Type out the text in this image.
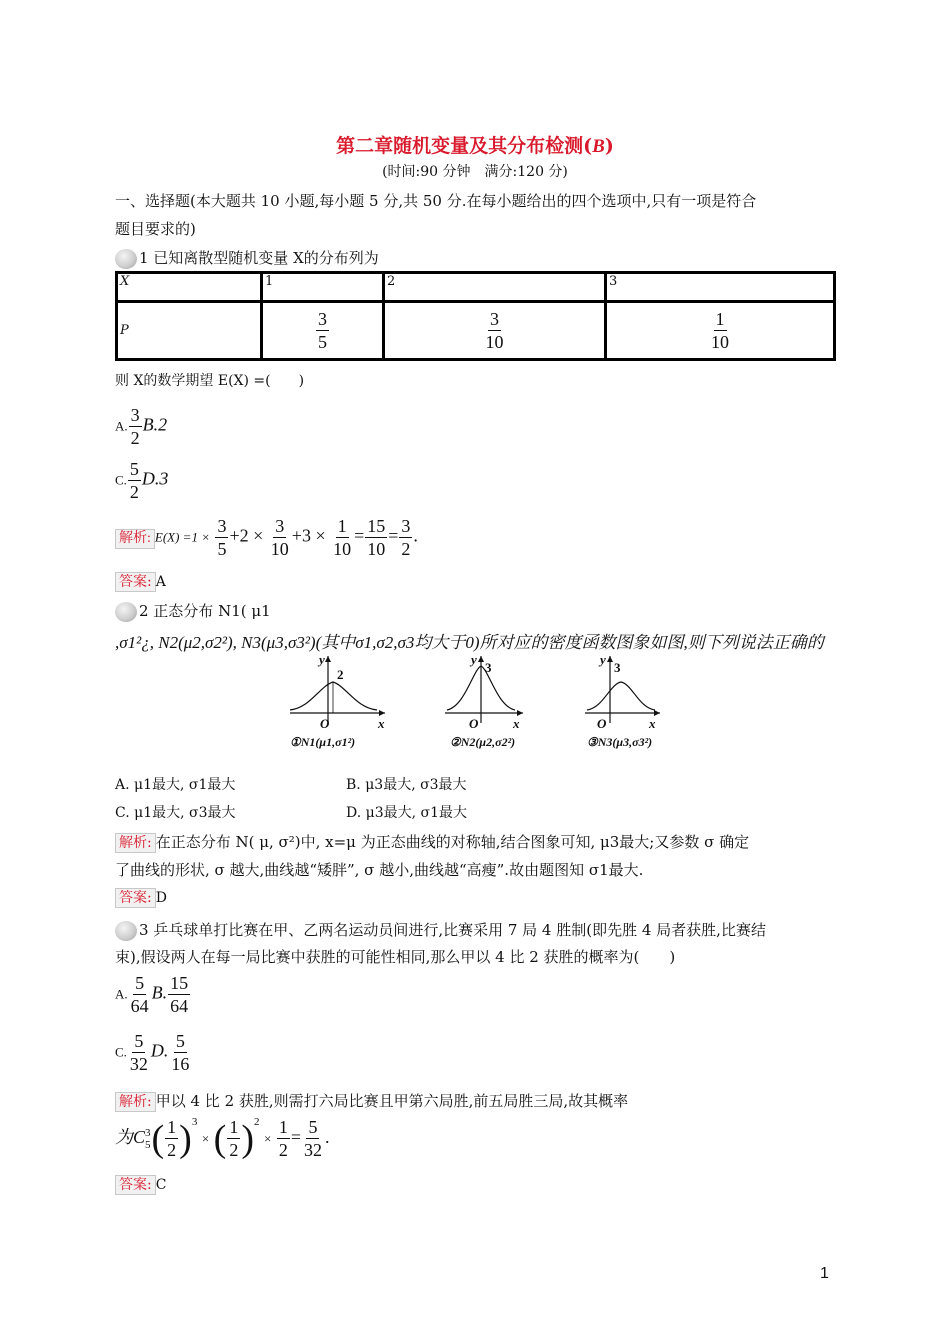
第二章随机变量及其分布检测(B)
(时间:90 分钟　满分:120 分)
一、选择题(本大题共 10 小题,每小题 5 分,共 50 分.在每小题给出的四个选项中,只有一项是符合
题目要求的)
1 已知离散型随机变量 X的分布列为
X	1	2	3
P	$\frac{3}{5}$	$\frac{3}{10}$	$\frac{1}{10}$
则 X的数学期望 E(X) =(　　)
A. $\frac{3}{2} B.2$
C. $\frac{5}{2} D.3$
解析: $E(X) =1 \times \frac{3}{5} +2 \times \frac{3}{10} +3 \times \frac{1}{10} = \frac{15}{10} = \frac{3}{2}$ .
答案: A
2 正态分布 N1( μ1
,σ1²¿, N2(μ2,σ2²), N3(μ3,σ3²)(其中σ1,σ2,σ3均大于0)所对应的密度函数图象如图,则下列说法正确的
y
2
O	x
①N1(μ1,σ1²)
y
3
O	x
②N2(μ2,σ2²)
y
3
O	x
③N3(μ3,σ3²)
A. μ1最大, σ1最大	B. μ3最大, σ3最大
C. μ1最大, σ3最大	D. μ3最大, σ1最大
解析: 在正态分布 N( μ, σ²)中, x=μ 为正态曲线的对称轴,结合图象可知, μ3最大;又参数 σ 确定
了曲线的形状, σ 越大,曲线越“矮胖”, σ 越小,曲线越“高瘦”.故由题图知 σ1最大.
答案: D
3 乒乓球单打比赛在甲、乙两名运动员间进行,比赛采用 7 局 4 胜制(即先胜 4 局者获胜,比赛结
束),假设两人在每一局比赛中获胜的可能性相同,那么甲以 4 比 2 获胜的概率为(　　)
A. $\frac{5}{64} B$. $\frac{15}{64}$
C. $\frac{5}{32} D$. $\frac{5}{16}$
解析: 甲以 4 比 2 获胜,则需打六局比赛且甲第六局胜,前五局胜三局,故其概率
为C 3
5 ( $\frac{1}{2} )^3$ × ( $\frac{1}{2} )^2 \times \frac{1}{2} = \frac{5}{32}$ .
答案: C
1
